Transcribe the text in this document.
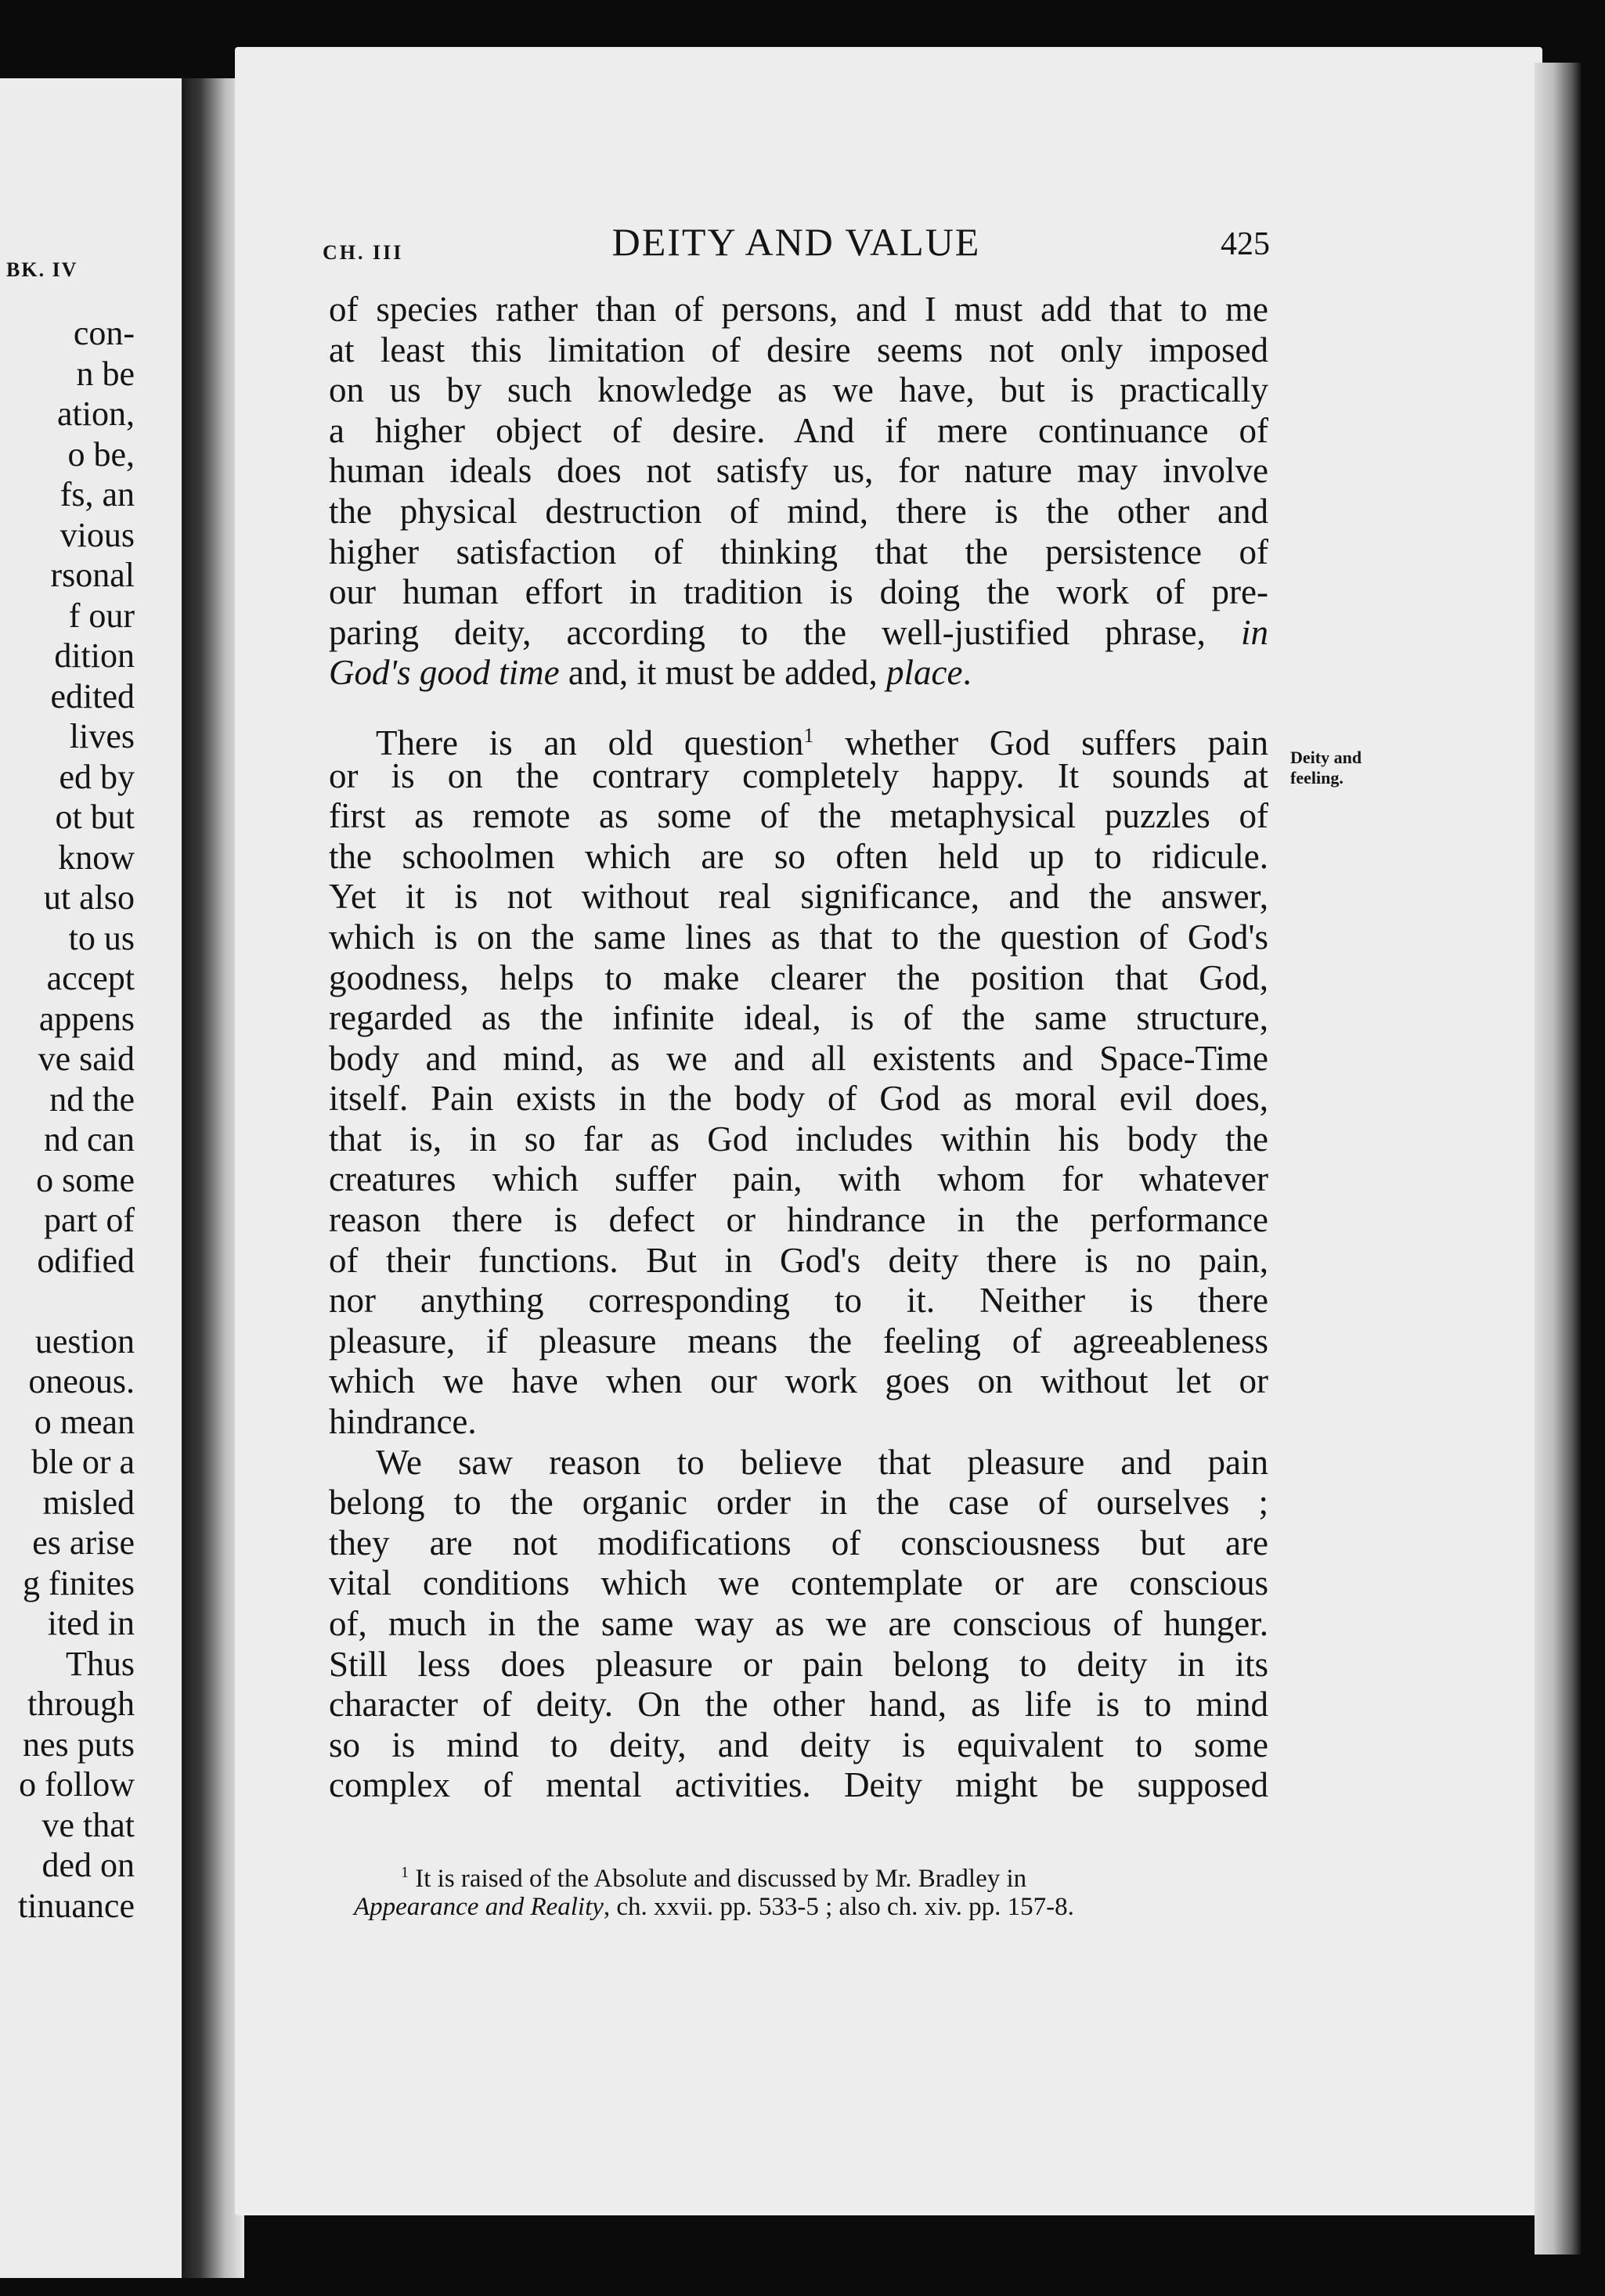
BK. IV
con-
n be
ation,
o be,
fs, an
vious
rsonal
f our
dition
edited
lives
ed by
ot but
know
ut also
to us
accept
appens
ve said
nd the
nd can
o some
part of
odified
uestion
oneous.
o mean
ble or a
misled
es arise
g finites
ited in
Thus
through
nes puts
o follow
ve that
ded on
tinuance
CH. III	DEITY AND VALUE	425
Deity and
feeling.
of species rather than of persons, and I must add that to me
at least this limitation of desire seems not only imposed
on us by such knowledge as we have, but is practically
a higher object of desire. And if mere continuance of
human ideals does not satisfy us, for nature may involve
the physical destruction of mind, there is the other and
higher satisfaction of thinking that the persistence of
our human effort in tradition is doing the work of pre-
paring deity, according to the well-justified phrase, in
God's good time and, it must be added, place.
There is an old question$^1$ whether God suffers pain
or is on the contrary completely happy. It sounds at
first as remote as some of the metaphysical puzzles of
the schoolmen which are so often held up to ridicule.
Yet it is not without real significance, and the answer,
which is on the same lines as that to the question of God's
goodness, helps to make clearer the position that God,
regarded as the infinite ideal, is of the same structure,
body and mind, as we and all existents and Space-Time
itself. Pain exists in the body of God as moral evil does,
that is, in so far as God includes within his body the
creatures which suffer pain, with whom for whatever
reason there is defect or hindrance in the performance
of their functions. But in God's deity there is no pain,
nor anything corresponding to it. Neither is there
pleasure, if pleasure means the feeling of agreeableness
which we have when our work goes on without let or
hindrance.
We saw reason to believe that pleasure and pain
belong to the organic order in the case of ourselves ;
they are not modifications of consciousness but are
vital conditions which we contemplate or are conscious
of, much in the same way as we are conscious of hunger.
Still less does pleasure or pain belong to deity in its
character of deity. On the other hand, as life is to mind
so is mind to deity, and deity is equivalent to some
complex of mental activities. Deity might be supposed
$^1$ It is raised of the Absolute and discussed by Mr. Bradley in
Appearance and Reality, ch. xxvii. pp. 533-5 ; also ch. xiv. pp. 157-8.
